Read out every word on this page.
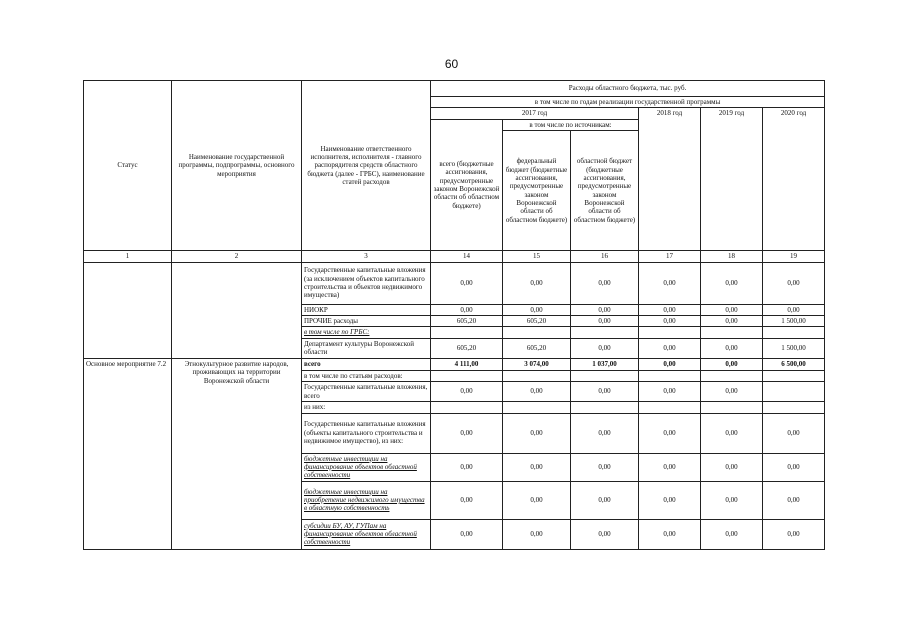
60
Статус	Наименование государственной программы, подпрограммы, основного мероприятия	Наименование ответственного исполнителя, исполнителя - главного распорядителя средств областного бюджета (далее - ГРБС), наименование статей расходов	Расходы областного бюджета, тыс. руб.					
			в том числе по годам реализации государственной программы					
			2017 год			2018 год	2019 год	2020 год
			всего (бюджетные ассигнования, предусмотренные законом Воронежской области об областном бюджете)	в том числе по источникам:				
				федеральный бюджет (бюджетные ассигнования, предусмотренные законом Воронежской области об областном бюджете)	областной бюджет (бюджетные ассигнования, предусмотренные законом Воронежской области об областном бюджете)			
1	2	3	14	15	16	17	18	19
		Государственные капитальные вложения (за исключением объектов капитального строительства и объектов недвижимого имущества)	0,00	0,00	0,00	0,00	0,00	0,00
		НИОКР	0,00	0,00	0,00	0,00	0,00	0,00
		ПРОЧИЕ расходы	605,20	605,20	0,00	0,00	0,00	1 500,00
		в том числе по ГРБС:						
		Департамент культуры Воронежской области	605,20	605,20	0,00	0,00	0,00	1 500,00
Основное мероприятие 7.2	Этнокультурное развитие народов, проживающих на территории Воронежской области	всего	4 111,00	3 074,00	1 037,00	0,00	0,00	6 500,00
		в том числе по статьям расходов:						
		Государственные капитальные вложения, всего	0,00	0,00	0,00	0,00	0,00	
		из них:						
		Государственные капитальные вложения (объекты капитального строительства и недвижимое имущество), из них:	0,00	0,00	0,00	0,00	0,00	0,00
		бюджетные инвестиции на финансирование объектов областной собственности	0,00	0,00	0,00	0,00	0,00	0,00
		бюджетные инвестиции на приобретение недвижимого имущества в областную собственность	0,00	0,00	0,00	0,00	0,00	0,00
		субсидии БУ, АУ, ГУПам на финансирование объектов областной собственности	0,00	0,00	0,00	0,00	0,00	0,00
